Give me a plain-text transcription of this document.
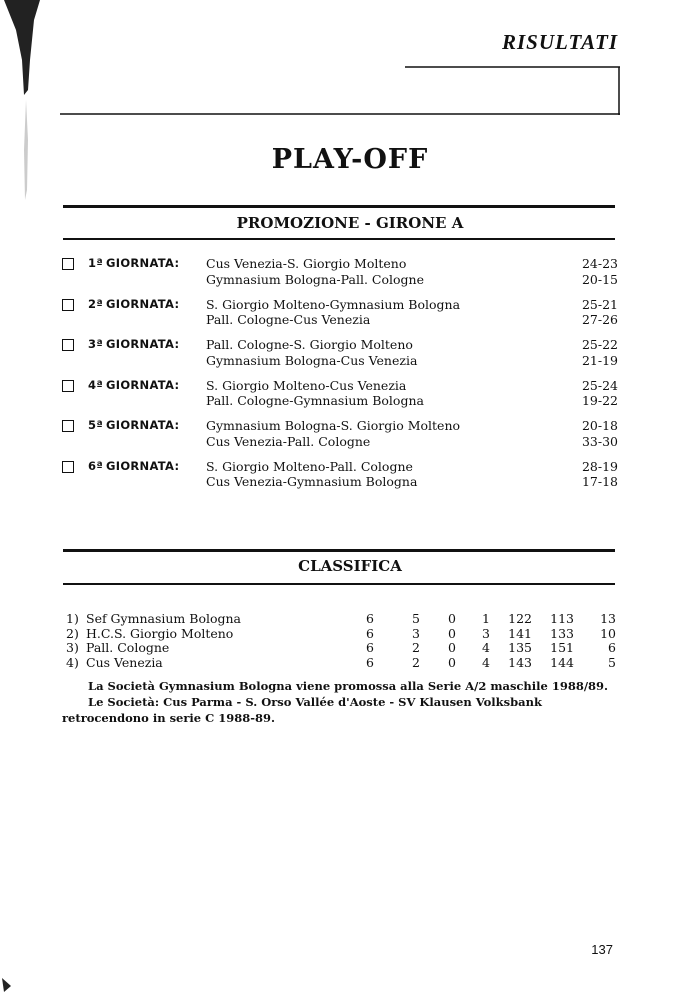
RISULTATI
PLAY-OFF
PROMOZIONE - GIRONE A
1ª GIORNATA:	Cus Venezia-S. Giorgio Molteno	24-23
Gymnasium Bologna-Pall. Cologne	20-15
2ª GIORNATA:	S. Giorgio Molteno-Gymnasium Bologna	25-21
Pall. Cologne-Cus Venezia	27-26
3ª GIORNATA:	Pall. Cologne-S. Giorgio Molteno	25-22
Gymnasium Bologna-Cus Venezia	21-19
4ª GIORNATA:	S. Giorgio Molteno-Cus Venezia	25-24
Pall. Cologne-Gymnasium Bologna	19-22
5ª GIORNATA:	Gymnasium Bologna-S. Giorgio Molteno	20-18
Cus Venezia-Pall. Cologne	33-30
6ª GIORNATA:	S. Giorgio Molteno-Pall. Cologne	28-19
Cus Venezia-Gymnasium Bologna	17-18
CLASSIFICA
1) Sef Gymnasium Bologna	6	5	0	1	122	113	13
2) H.C.S. Giorgio Molteno	6	3	0	3	141	133	10
3) Pall. Cologne	6	2	0	4	135	151	6
4) Cus Venezia	6	2	0	4	143	144	5

La Società Gymnasium Bologna viene promossa alla Serie A/2 maschile 1988/89.

Le Società: Cus Parma - S. Orso Vallée d'Aoste - SV Klausen Volksbank retrocendono in serie C 1988-89.

137
